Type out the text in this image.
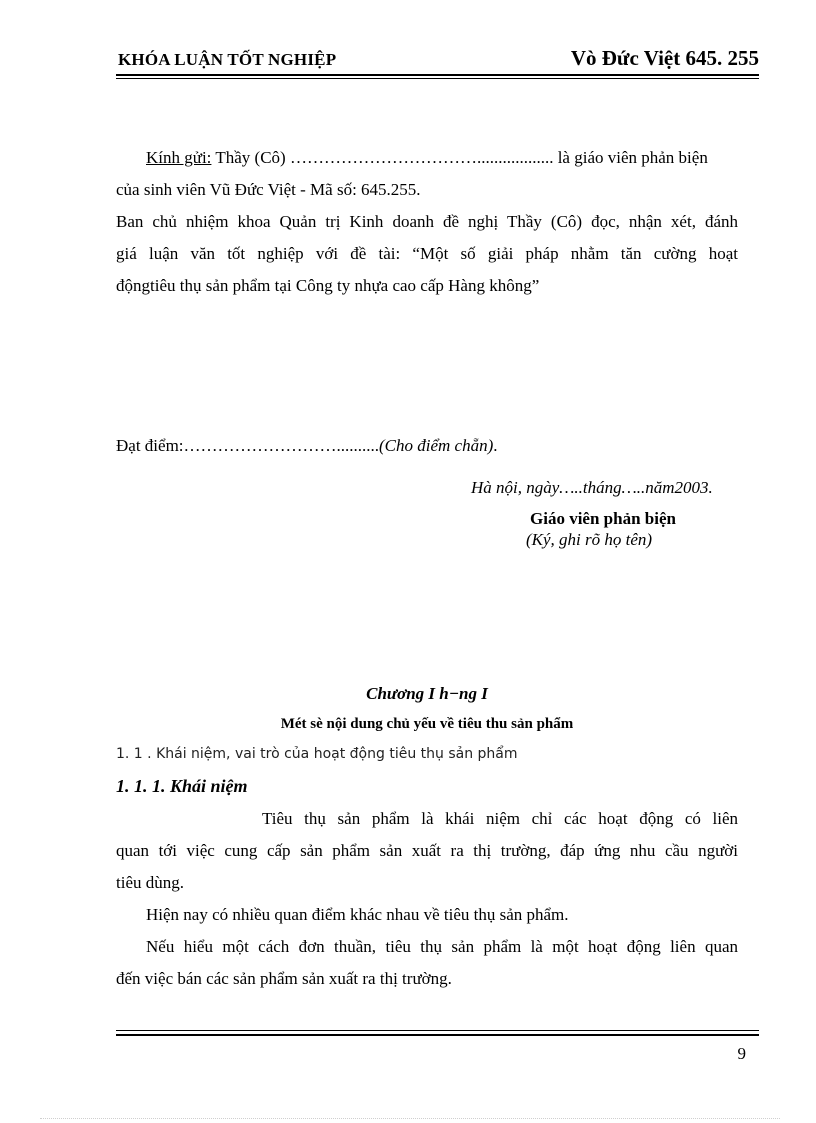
KHÓA LUẬN TỐT NGHIỆP	Vò Đức Việt 645. 255
Kính gửi: Thầy (Cô) …………………………….................. là giáo viên phản biện
của sinh viên Vũ Đức Việt - Mã số: 645.255.
Ban chủ nhiệm khoa Quản trị Kinh doanh đề nghị Thầy (Cô) đọc, nhận xét, đánh
giá luận văn tốt nghiệp với đề tài: “Một số giải pháp nhằm tăn cường hoạt
độngtiêu thụ sản phẩm tại Công ty nhựa cao cấp Hàng không”
Đạt điểm:………………………..........(Cho điểm chẵn).
Hà nội, ngày…..tháng…..năm2003.
Giáo viên phản biện
(Ký, ghi rõ họ tên)
Chương I h−ng I
Mét sè nội dung chủ yếu về tiêu thu sản phẩm
1. 1 . Khái niệm, vai trò của hoạt động tiêu thụ sản phẩm
1. 1. 1. Khái niệm
Tiêu thụ sản phẩm là khái niệm chỉ các hoạt động có liên
quan tới việc cung cấp sản phẩm sản xuất ra thị trường, đáp ứng nhu cầu người
tiêu dùng.
Hiện nay có nhiều quan điểm khác nhau về tiêu thụ sản phẩm.
Nếu hiểu một cách đơn thuần, tiêu thụ sản phẩm là một hoạt động liên quan
đến việc bán các sản phẩm sản xuất ra thị trường.
9
